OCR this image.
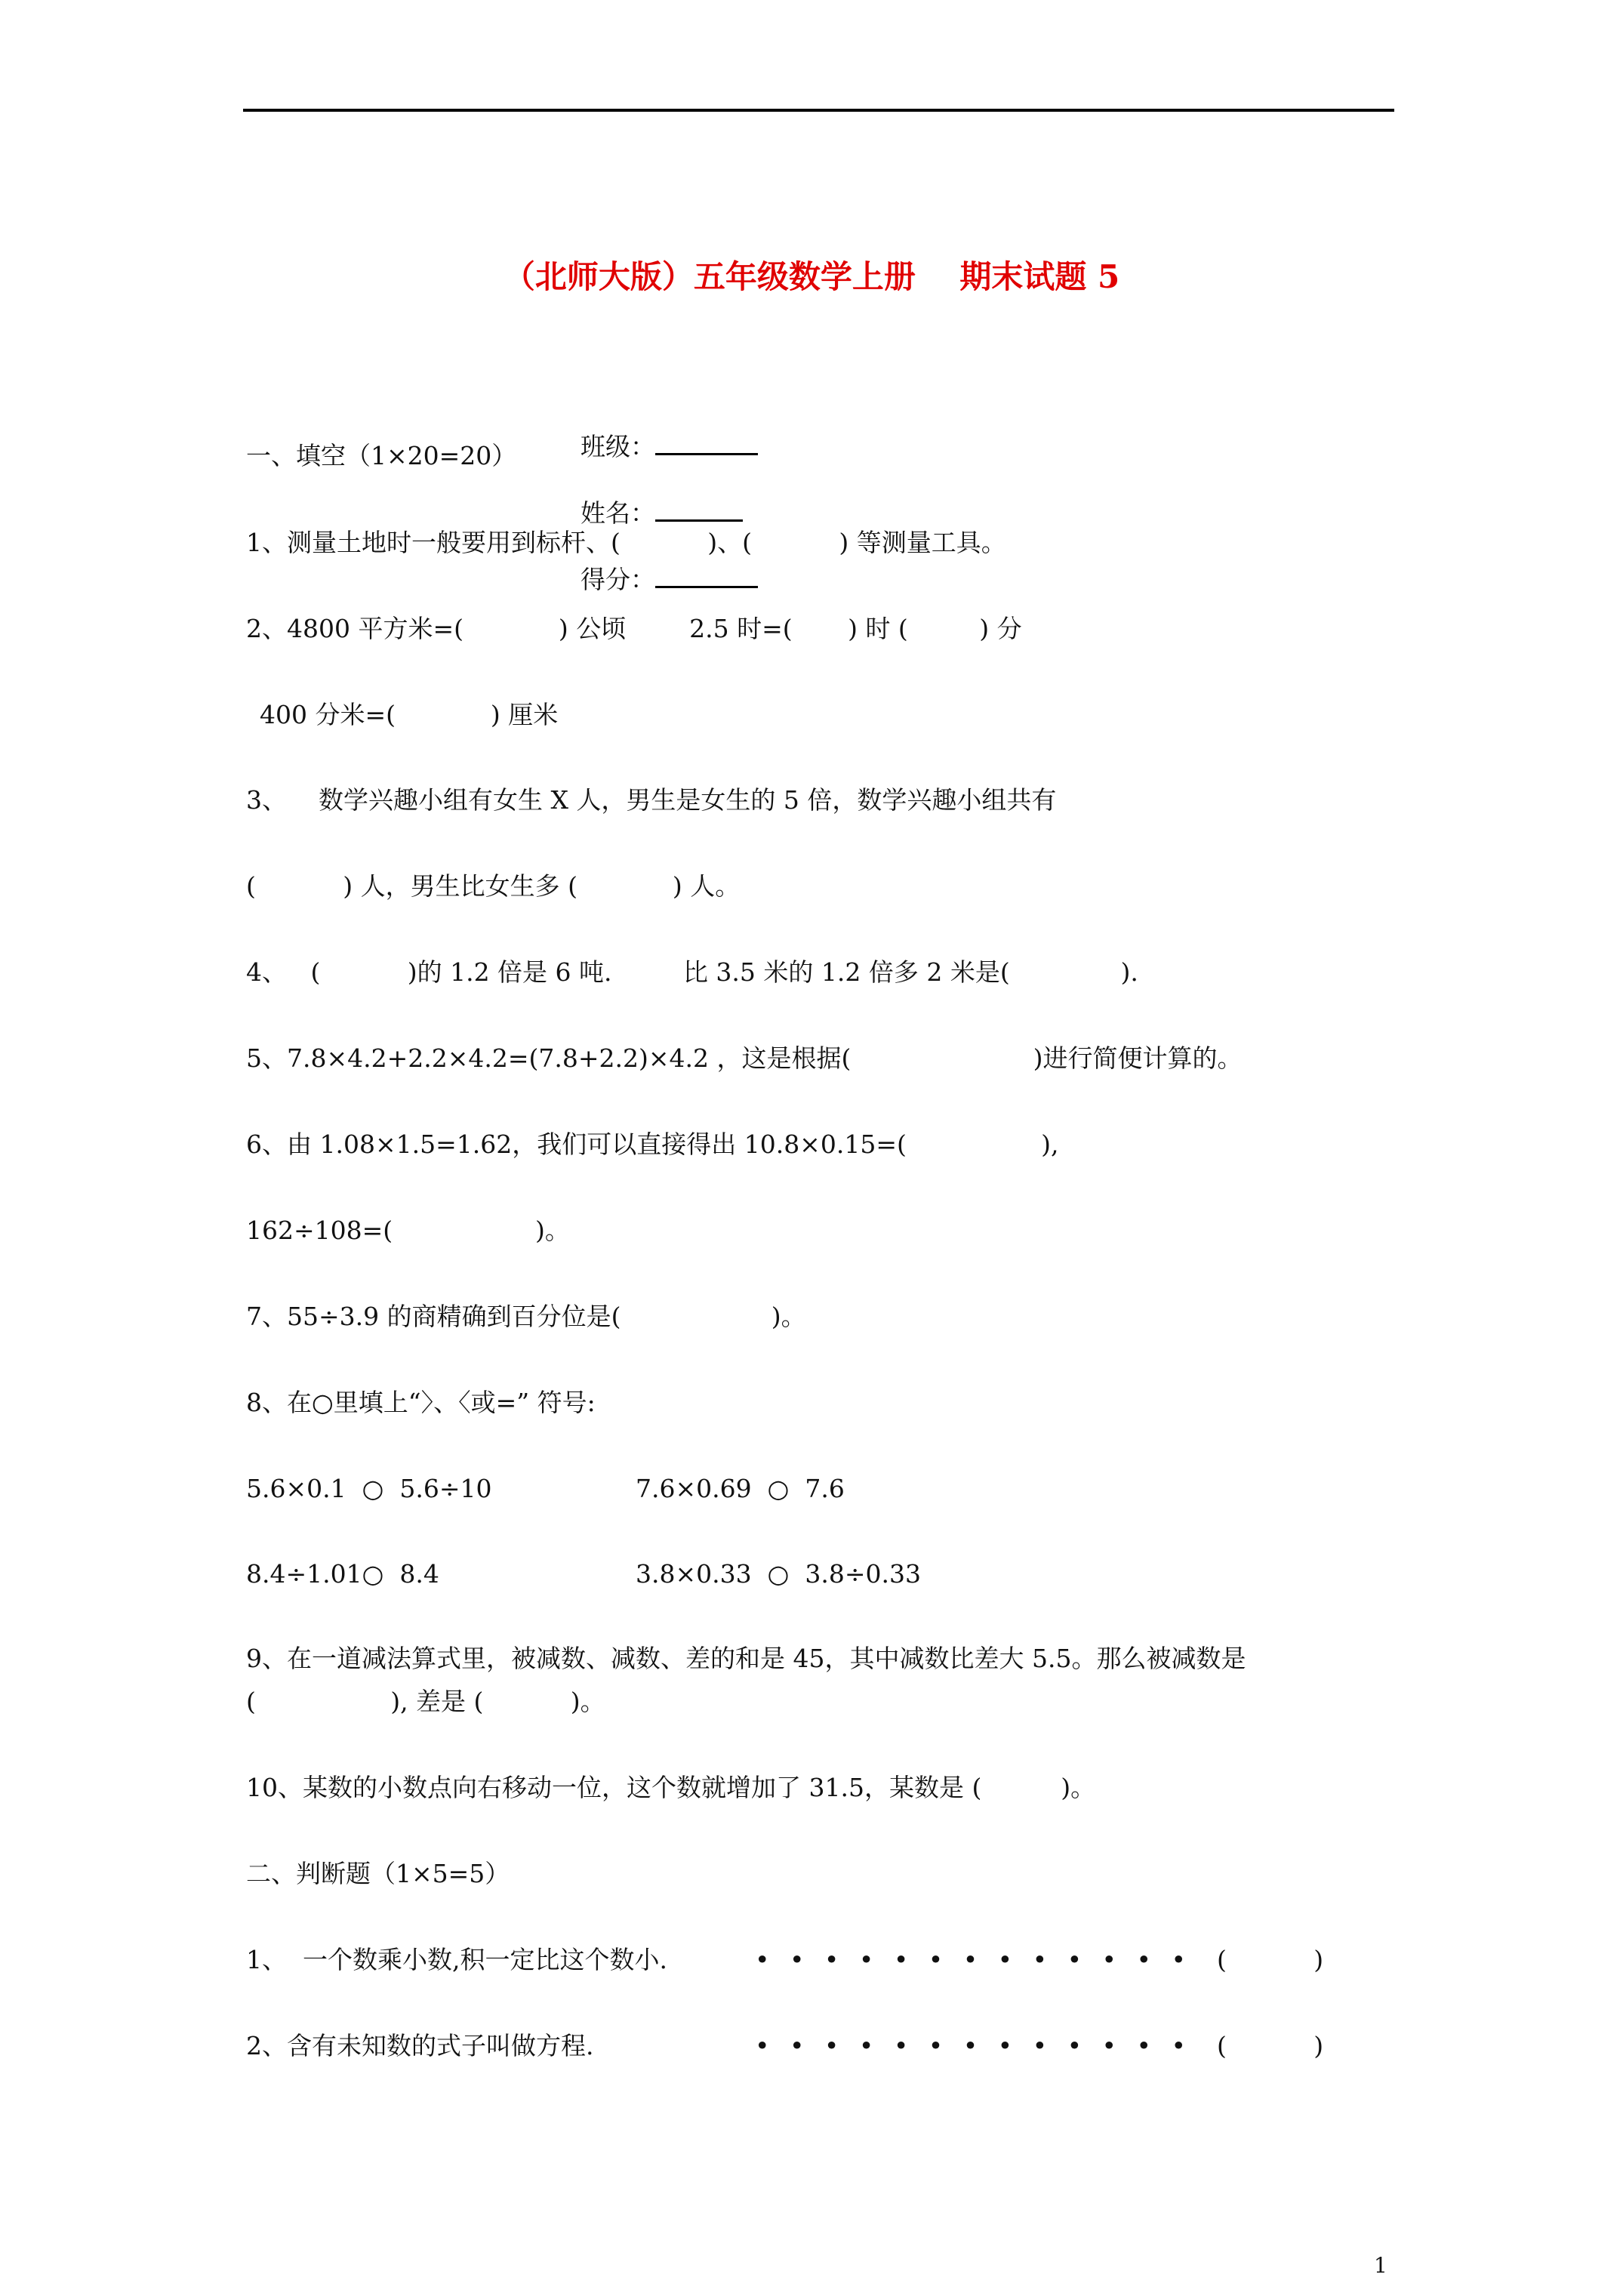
（北师大版）五年级数学上册    期末试题 5

班级：

姓名：

得分：

一、填空（1×20=20）
1、测量土地时一般要用到标杆、(           )、(           ) 等测量工具。
2、4800 平方米=(            ) 公顷        2.5 时=(       ) 时 (         ) 分
400 分米=(            ) 厘米
3、    数学兴趣小组有女生 X 人，男生是女生的 5 倍，数学兴趣小组共有
(           ) 人，男生比女生多 (            ) 人。
4、   (           )的 1.2 倍是 6 吨.         比 3.5 米的 1.2 倍多 2 米是(              ).
5、7.8×4.2+2.2×4.2=(7.8+2.2)×4.2 ，这是根据(                       )进行简便计算的。
6、由 1.08×1.5=1.62，我们可以直接得出 10.8×0.15=(                 ),
162÷108=(                  )。
7、55÷3.9 的商精确到百分位是(                   )。
8、在○里填上“〉、〈或=” 符号:
5.6×0.1  ○  5.6÷10	7.6×0.69  ○  7.6
8.4÷1.01○  8.4	3.8×0.33  ○  3.8÷0.33
9、在一道减法算式里，被减数、减数、差的和是 45，其中减数比差大 5.5。那么被减数是
(                 ), 差是 (           )。
10、某数的小数点向右移动一位，这个数就增加了 31.5，某数是 (          )。
二、判断题（1×5=5）
1、  一个数乘小数,积一定比这个数小.	• • • • • • • • • • • • • (           )
2、含有未知数的式子叫做方程.	• • • • • • • • • • • • • (           )
1
